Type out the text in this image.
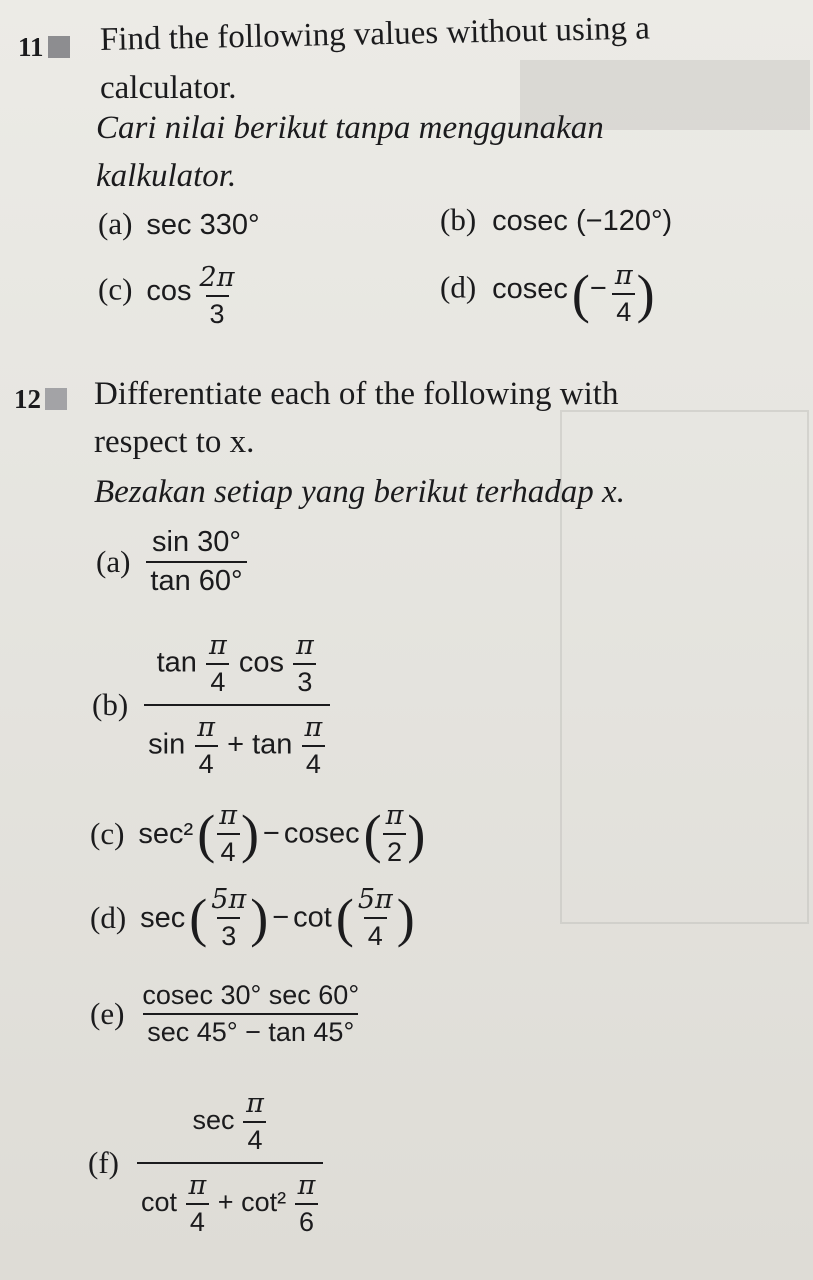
11	Find the following values without using a
calculator.
Cari nilai berikut tanpa menggunakan
kalkulator.
(a) sec 330°	(b) cosec (−120°)
(c) $\cos \frac{2\pi}{3}$	(d) cosec (− $\frac{\pi}{4}$ )
12	Differentiate each of the following with
respect to x.
Bezakan setiap yang berikut terhadap x.
$(a) \frac{\sin 30^\circ}{\tan 60^\circ}$
$(b) \frac{\tan \frac{\pi}{4} \cos \frac{\pi}{3}}{\sin \frac{\pi}{4} + \tan \frac{\pi}{4}}$
(c) sec² ( $\frac{\pi}{4}$ ) − cosec ( $\frac{\pi}{2}$ )
(d) sec ( $\frac{5\pi}{3}$ ) − cot ( $\frac{5\pi}{4}$ )
$(e) \frac{cosec 30^\circ \sec 60^\circ}{\sec 45^\circ - \tan 45^\circ}$
$(f) \frac{\sec \frac{\pi}{4}}{\cot \frac{\pi}{4} + \cot^2 \frac{\pi}{6}}$
